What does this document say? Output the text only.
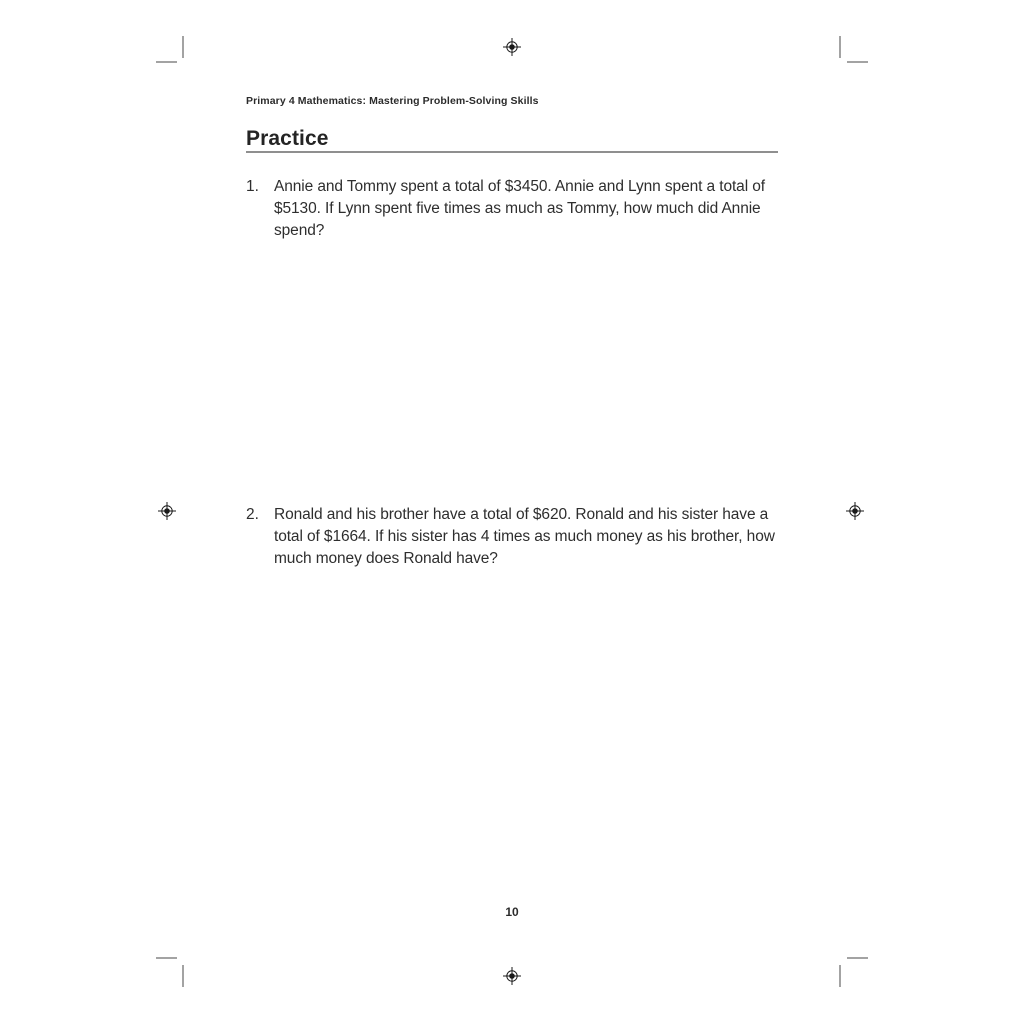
Primary 4 Mathematics: Mastering Problem-Solving Skills
Practice
1. Annie and Tommy spent a total of $3450. Annie and Lynn spent a total of $5130. If Lynn spent five times as much as Tommy, how much did Annie spend?
2. Ronald and his brother have a total of $620. Ronald and his sister have a total of $1664. If his sister has 4 times as much money as his brother, how much money does Ronald have?
10
